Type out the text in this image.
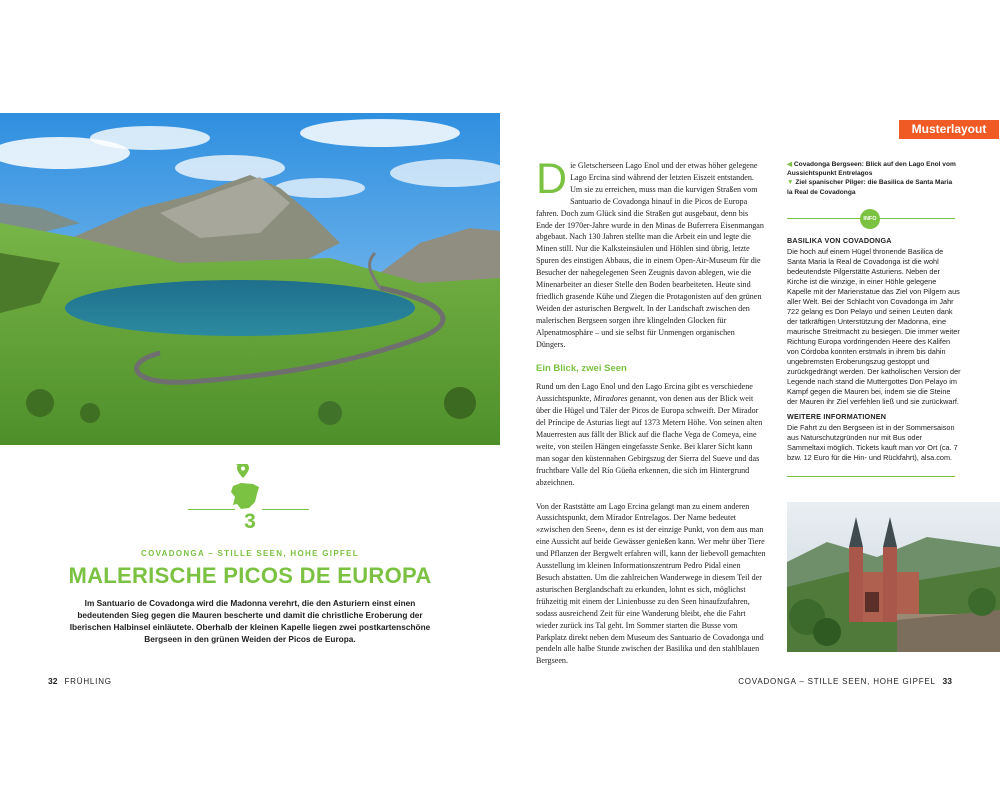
3
COVADONGA – STILLE SEEN, HOHE GIPFEL
MALERISCHE PICOS DE EUROPA
Im Santuario de Covadonga wird die Madonna verehrt, die den Asturiern einst einen bedeutenden Sieg gegen die Mauren bescherte und damit die christliche Eroberung der Iberischen Halbinsel einläutete. Oberhalb der kleinen Kapelle liegen zwei postkartenschöne Bergseen in den grünen Weiden der Picos de Europa.
32 FRÜHLING
Musterlayout

Die Gletscherseen Lago Enol und der etwas höher gelegene Lago Ercina sind während der letzten Eiszeit entstanden. Um sie zu erreichen, muss man die kurvigen Straßen vom Santuario de Covadonga hinauf in die Picos de Europa fahren. Doch zum Glück sind die Straßen gut ausgebaut, denn bis Ende der 1970er-Jahre wurde in den Minas de Buferrera Eisenmangan abgebaut. Nach 130 Jahren stellte man die Arbeit ein und legte die Minen still. Nur die Kalksteinsäulen und Höhlen sind übrig, letzte Spuren des einstigen Abbaus, die in einem Open-Air-Museum für die Besucher der nahegelegenen Seen Zeugnis davon ablegen, wie die Minenarbeiter an dieser Stelle den Boden bearbeiteten. Heute sind friedlich grasende Kühe und Ziegen die Protagonisten auf den grünen Weiden der asturischen Bergwelt. In der Landschaft zwischen den malerischen Bergseen sorgen ihre klingelnden Glocken für Alpenatmosphäre – und sie selbst für Unmengen organischen Düngers.

Ein Blick, zwei Seen

Rund um den Lago Enol und den Lago Ercina gibt es verschiedene Aussichtspunkte, Miradores genannt, von denen aus der Blick weit über die Hügel und Täler der Picos de Europa schweift. Der Mirador del Príncipe de Asturias liegt auf 1373 Metern Höhe. Von seinen alten Mauerresten aus fällt der Blick auf die flache Vega de Comeya, eine weite, von steilen Hängen eingefasste Senke. Bei klarer Sicht kann man sogar den küstennahen Gebirgszug der Sierra del Sueve und das fruchtbare Valle del Río Güeña erkennen, die sich im Hintergrund abzeichnen.

Von der Raststätte am Lago Ercina gelangt man zu einem anderen Aussichtspunkt, dem Mirador Entrelagos. Der Name bedeutet »zwischen den Seen«, denn es ist der einzige Punkt, von dem aus man eine Aussicht auf beide Gewässer genießen kann. Wer mehr über Tiere und Pflanzen der Bergwelt erfahren will, kann der liebevoll gemachten Ausstellung im kleinen Informationszentrum Pedro Pidal einen Besuch abstatten. Um die zahlreichen Wanderwege in diesem Teil der asturischen Berglandschaft zu erkunden, lohnt es sich, möglichst frühzeitig mit einem der Linienbusse zu den Seen hinaufzufahren, sodass ausreichend Zeit für eine Wanderung bleibt, ehe die Fahrt wieder zurück ins Tal geht. Im Sommer starten die Busse vom Parkplatz direkt neben dem Museum des Santuario de Covadonga und pendeln alle halbe Stunde zwischen der Basilika und den stahlblauen Bergseen.

◀ Covadonga Bergseen: Blick auf den Lago Enol vom Aussichtspunkt Entrelagos
▼ Ziel spanischer Pilger: die Basilica de Santa Maria la Real de Covadonga
INFO
BASILIKA VON COVADONGA

Die hoch auf einem Hügel thronende Basilica de Santa Maria la Real de Covadonga ist die wohl bedeutendste Pilgerstätte Asturiens. Neben der Kirche ist die winzige, in einer Höhle gelegene Kapelle mit der Marienstatue das Ziel von Pilgern aus aller Welt. Bei der Schlacht von Covadonga im Jahr 722 gelang es Don Pelayo und seinen Leuten dank der tatkräftigen Unterstützung der Madonna, eine maurische Streitmacht zu besiegen. Die immer weiter Richtung Europa vordringenden Heere des Kalifen von Córdoba konnten erstmals in ihrem bis dahin ungebremsten Eroberungszug gestoppt und zurückgedrängt werden. Der katholischen Version der Legende nach stand die Muttergottes Don Pelayo im Kampf gegen die Mauren bei, indem sie die Steine der Mauren ihr Ziel verfehlen ließ und sie zurückwarf.

WEITERE INFORMATIONEN

Die Fahrt zu den Bergseen ist in der Sommersaison aus Naturschutzgründen nur mit Bus oder Sammeltaxi möglich. Tickets kauft man vor Ort (ca. 7 bzw. 12 Euro für die Hin- und Rückfahrt), alsa.com.

COVADONGA – STILLE SEEN, HOHE GIPFEL 33
